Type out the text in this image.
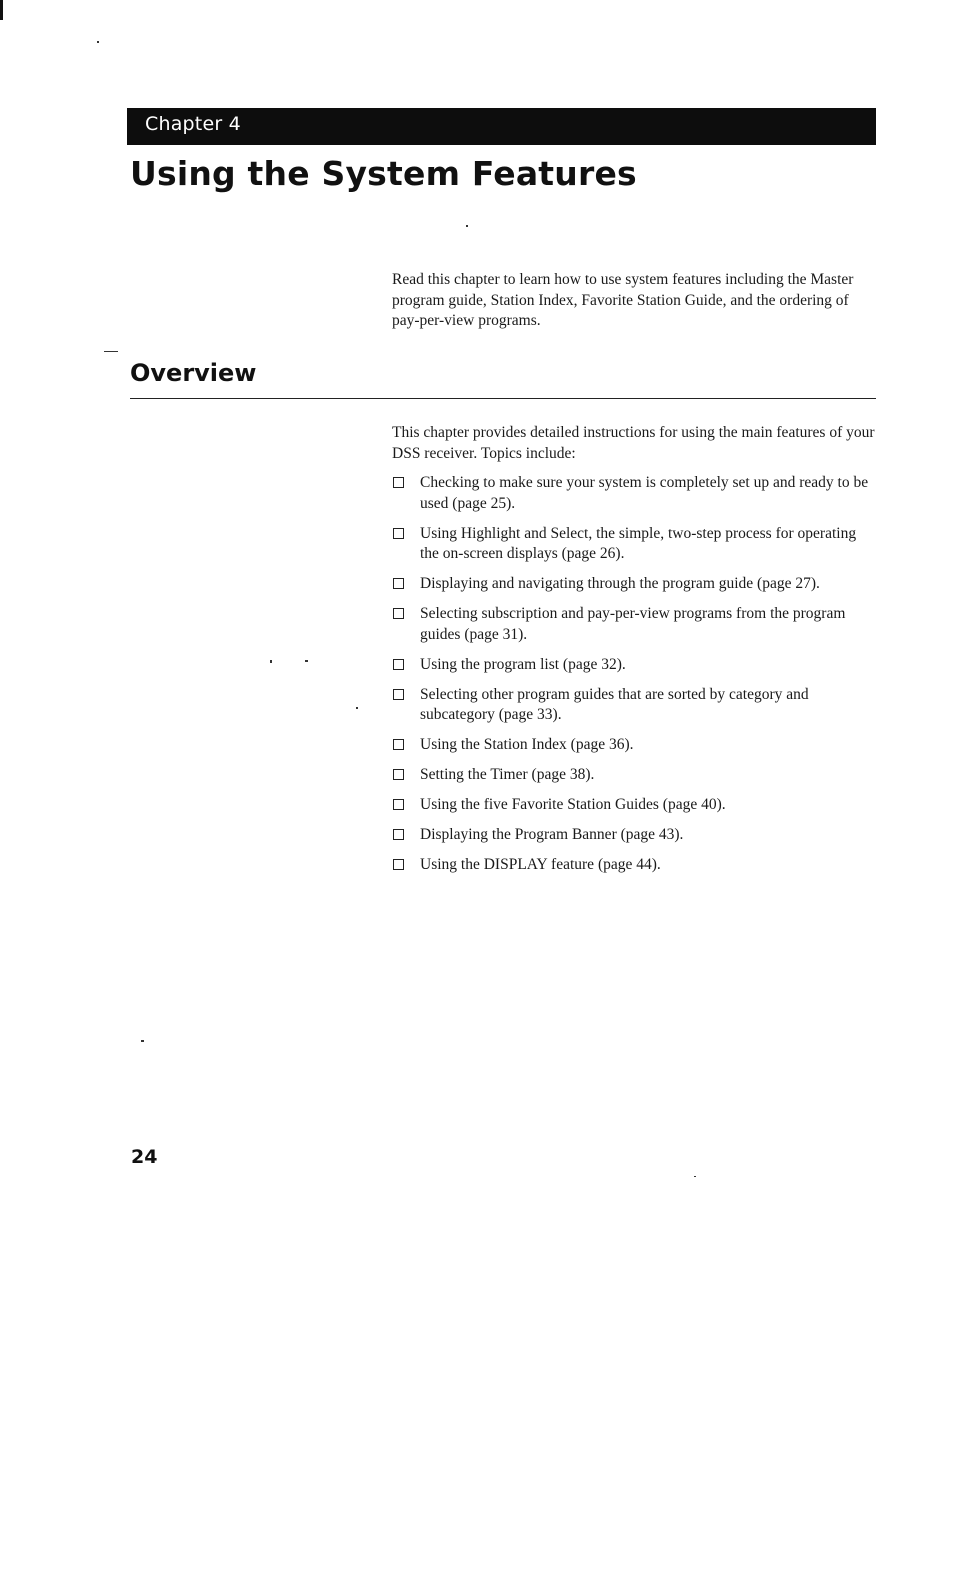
Chapter 4
Using the System Features

Read this chapter to learn how to use system features including the Master program guide, Station Index, Favorite Station Guide, and the ordering of pay-per-view programs.

Overview

This chapter provides detailed instructions for using the main features of your DSS receiver. Topics include:

Checking to make sure your system is completely set up and ready to be used (page 25).
Using Highlight and Select, the simple, two-step process for operating the on-screen displays (page 26).
Displaying and navigating through the program guide (page 27).
Selecting subscription and pay-per-view programs from the program guides (page 31).
Using the program list (page 32).
Selecting other program guides that are sorted by category and subcategory (page 33).
Using the Station Index (page 36).
Setting the Timer (page 38).
Using the five Favorite Station Guides (page 40).
Displaying the Program Banner (page 43).
Using the DISPLAY feature (page 44).

24
